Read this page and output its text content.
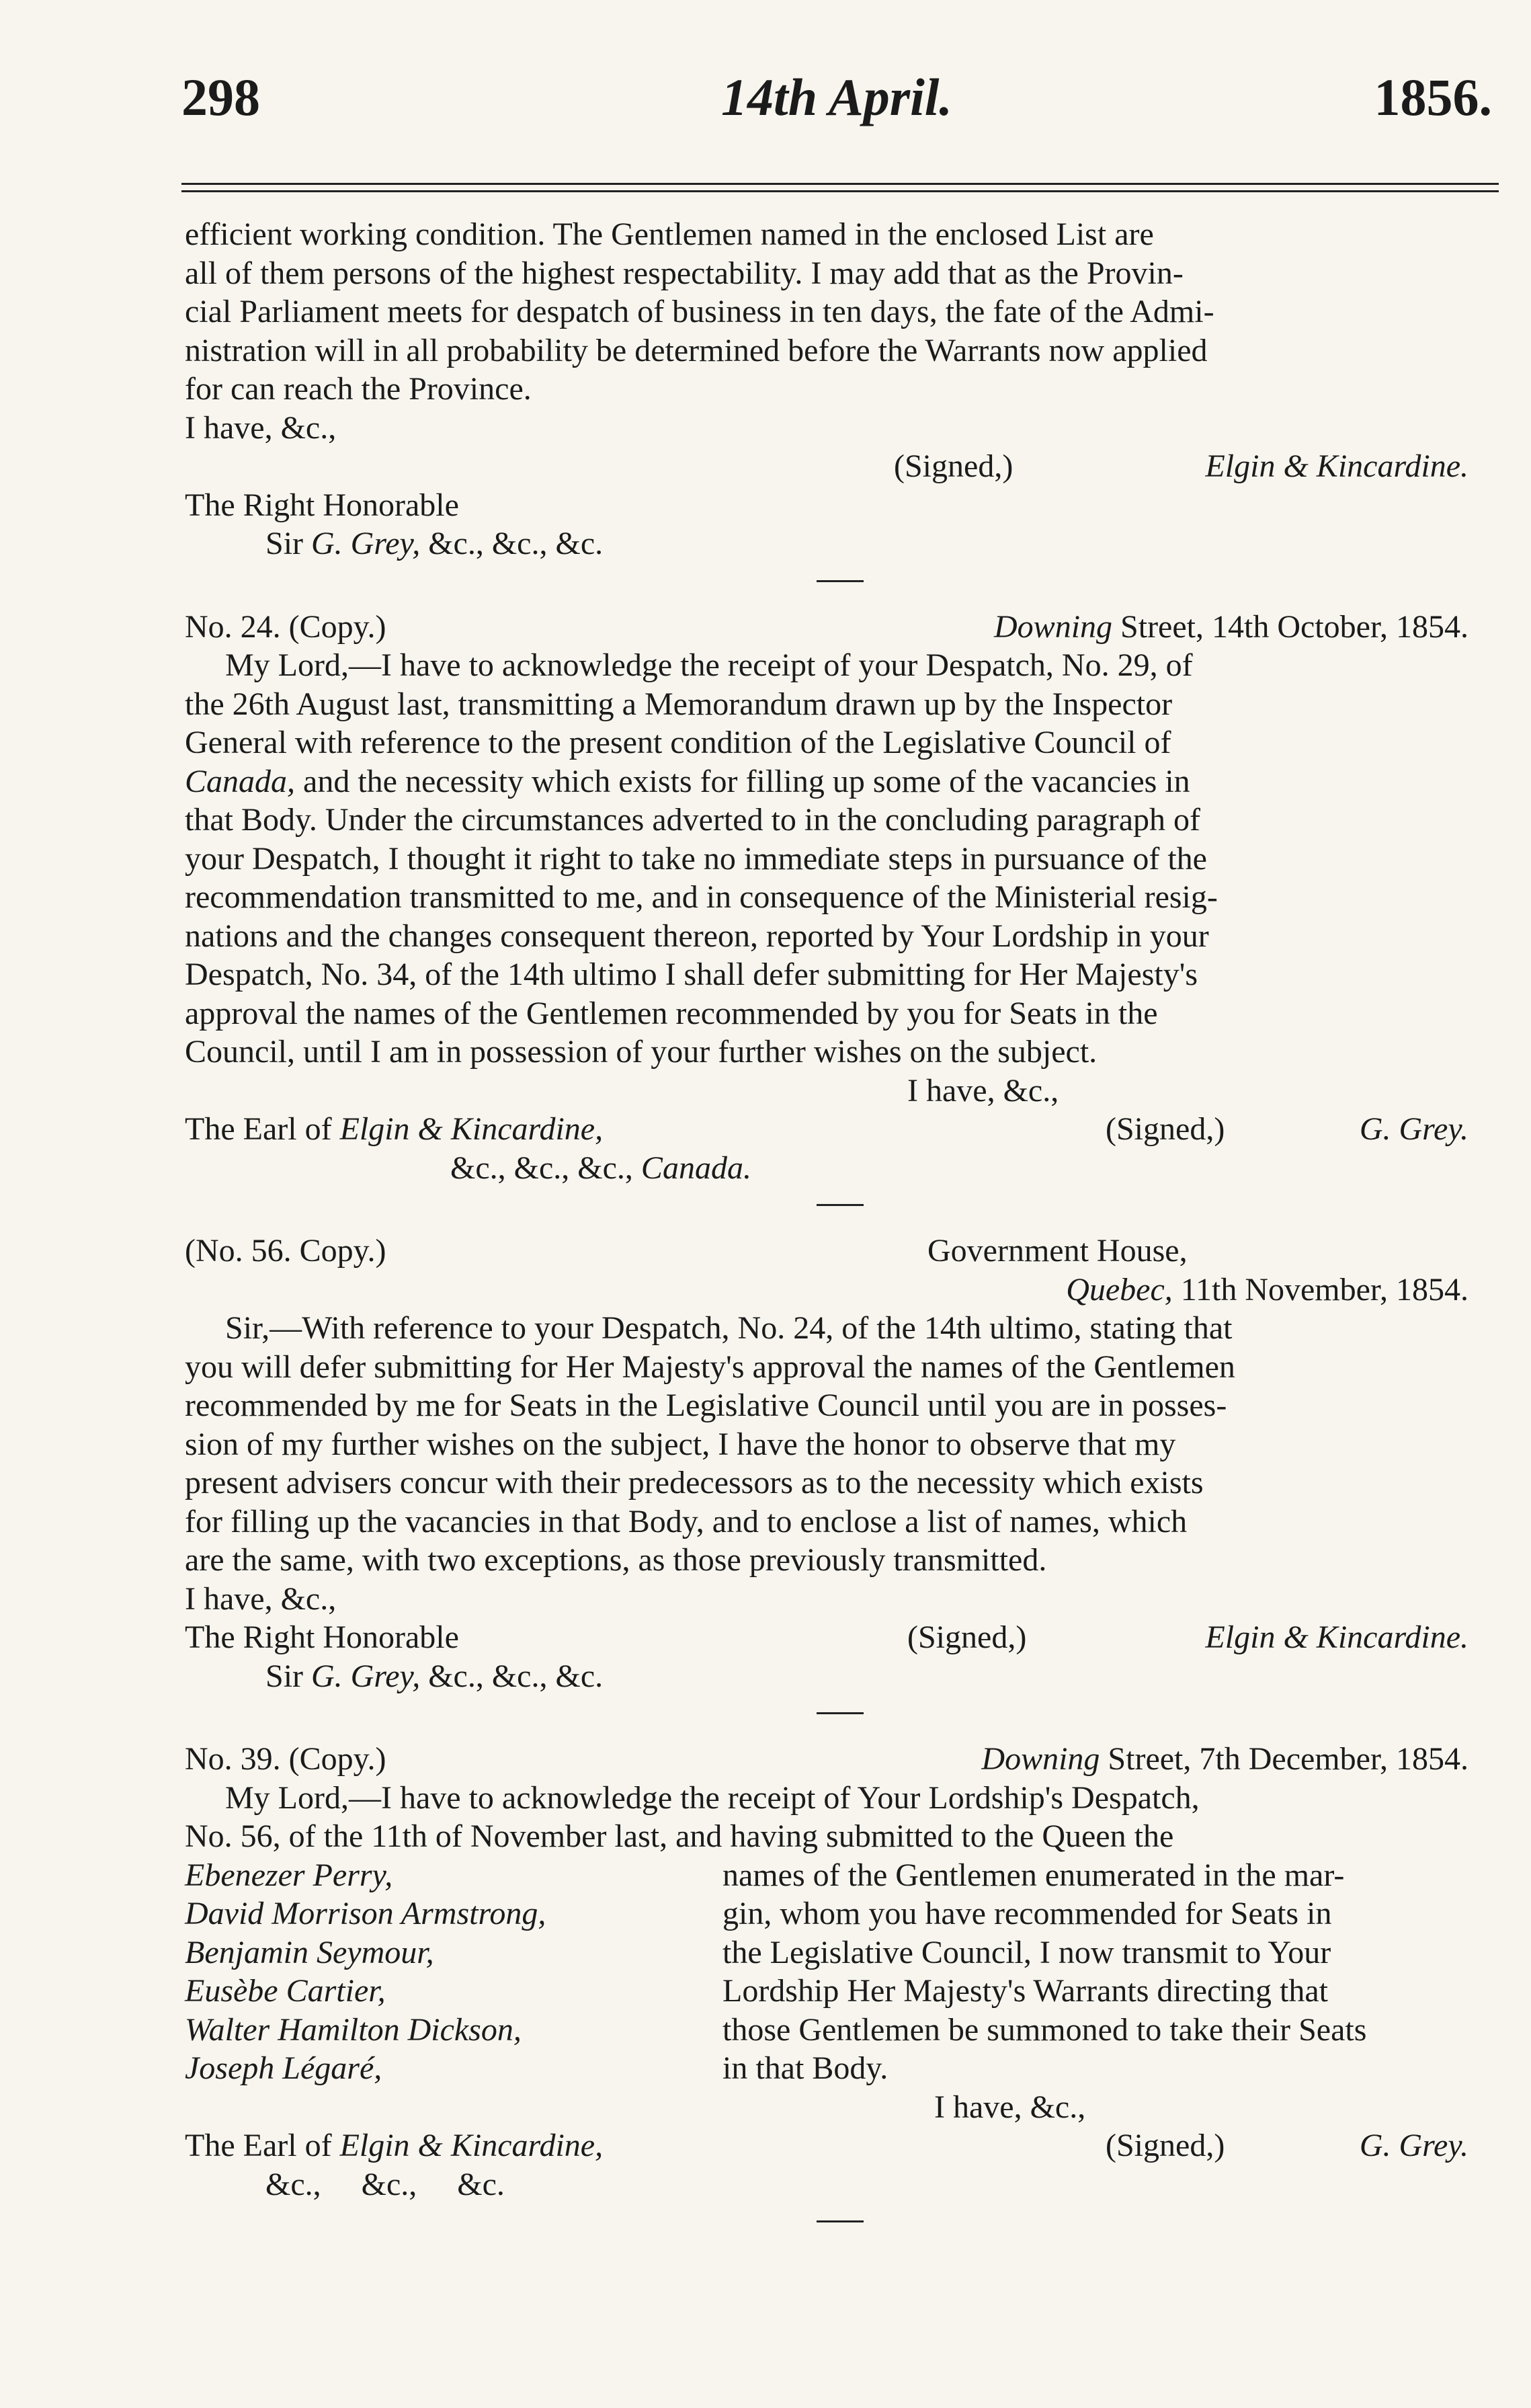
298	14th April.	1856.

efficient working condition. The Gentlemen named in the enclosed List are

all of them persons of the highest respectability. I may add that as the Provin-

cial Parliament meets for despatch of business in ten days, the fate of the Admi-

nistration will in all probability be determined before the Warrants now applied

for can reach the Province.

I have, &c.,

(Signed,)	Elgin & Kincardine.

The Right Honorable

Sir G. Grey, &c., &c., &c.

No. 24. (Copy.)	Downing Street, 14th October, 1854.

My Lord,—I have to acknowledge the receipt of your Despatch, No. 29, of

the 26th August last, transmitting a Memorandum drawn up by the Inspector

General with reference to the present condition of the Legislative Council of

Canada, and the necessity which exists for filling up some of the vacancies in

that Body. Under the circumstances adverted to in the concluding paragraph of

your Despatch, I thought it right to take no immediate steps in pursuance of the

recommendation transmitted to me, and in consequence of the Ministerial resig-

nations and the changes consequent thereon, reported by Your Lordship in your

Despatch, No. 34, of the 14th ultimo I shall defer submitting for Her Majesty's

approval the names of the Gentlemen recommended by you for Seats in the

Council, until I am in possession of your further wishes on the subject.

I have, &c.,

The Earl of Elgin & Kincardine,	(Signed,)	G. Grey.

&c., &c., &c., Canada.

(No. 56. Copy.)	Government House,
Quebec, 11th November, 1854.

Sir,—With reference to your Despatch, No. 24, of the 14th ultimo, stating that

you will defer submitting for Her Majesty's approval the names of the Gentlemen

recommended by me for Seats in the Legislative Council until you are in posses-

sion of my further wishes on the subject, I have the honor to observe that my

present advisers concur with their predecessors as to the necessity which exists

for filling up the vacancies in that Body, and to enclose a list of names, which

are the same, with two exceptions, as those previously transmitted.

I have, &c.,

The Right Honorable	(Signed,)	Elgin & Kincardine.

Sir G. Grey, &c., &c., &c.

No. 39. (Copy.)	Downing Street, 7th December, 1854.

My Lord,—I have to acknowledge the receipt of Your Lordship's Despatch,

No. 56, of the 11th of November last, and having submitted to the Queen the

Ebenezer Perry,
David Morrison Armstrong,
Benjamin Seymour,
Eusèbe Cartier,
Walter Hamilton Dickson,
Joseph Légaré,

names of the Gentlemen enumerated in the mar-

gin, whom you have recommended for Seats in

the Legislative Council, I now transmit to Your

Lordship Her Majesty's Warrants directing that

those Gentlemen be summoned to take their Seats

in that Body.

I have, &c.,

The Earl of Elgin & Kincardine,	(Signed,)	G. Grey.

&c.,     &c.,     &c.
